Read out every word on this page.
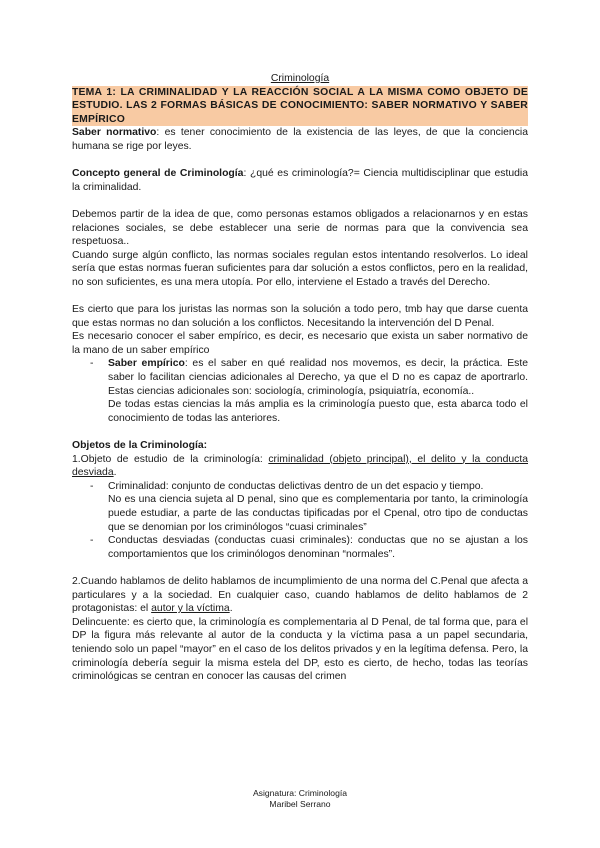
Criminología
TEMA 1: LA CRIMINALIDAD Y LA REACCIÓN SOCIAL A LA MISMA COMO OBJETO DE ESTUDIO. LAS 2 FORMAS BÁSICAS DE CONOCIMIENTO: SABER NORMATIVO Y SABER EMPÍRICO

Saber normativo: es tener conocimiento de la existencia de las leyes, de que la conciencia humana se rige por leyes.

Concepto general de Criminología: ¿qué es criminología?= Ciencia multidisciplinar que estudia la criminalidad.

Debemos partir de la idea de que, como personas estamos obligados a relacionarnos y en estas relaciones sociales, se debe establecer una serie de normas para que la convivencia sea respetuosa..

Cuando surge algún conflicto, las normas sociales regulan estos intentando resolverlos. Lo ideal sería que estas normas fueran suficientes para dar solución a estos conflictos, pero en la realidad, no son suficientes, es una mera utopía. Por ello, interviene el Estado a través del Derecho.

Es cierto que para los juristas las normas son la solución a todo pero, tmb hay que darse cuenta que estas normas no dan solución a los conflictos. Necesitando la intervención del D Penal.

Es necesario conocer el saber empírico, es decir, es necesario que exista un saber normativo de la mano de un saber empírico

- Saber empírico: es el saber en qué realidad nos movemos, es decir, la práctica. Este saber lo facilitan ciencias adicionales al Derecho, ya que el D no es capaz de aportrarlo. Estas ciencias adicionales son: sociología, criminología, psiquiatría, economía..

De todas estas ciencias la más amplia es la criminología puesto que, esta abarca todo el conocimiento de todas las anteriores.

Objetos de la Criminología:

1.Objeto de estudio de la criminología: criminalidad (objeto principal), el delito y la conducta desviada.

- Criminalidad: conjunto de conductas delictivas dentro de un det espacio y tiempo.

No es una ciencia sujeta al D penal, sino que es complementaria por tanto, la criminología puede estudiar, a parte de las conductas tipificadas por el Cpenal, otro tipo de conductas que se denomian por los criminólogos “cuasi criminales”

- Conductas desviadas (conductas cuasi criminales): conductas que no se ajustan a los comportamientos que los criminólogos denominan “normales”.

2.Cuando hablamos de delito hablamos de incumplimiento de una norma del C.Penal que afecta a particulares y a la sociedad. En cualquier caso, cuando hablamos de delito hablamos de 2 protagonistas: el autor y la víctima.

Delincuente: es cierto que, la criminología es complementaria al D Penal, de tal forma que, para el DP la figura más relevante al autor de la conducta y la víctima pasa a un papel secundaria, teniendo solo un papel “mayor” en el caso de los delitos privados y en la legítima defensa. Pero, la criminología debería seguir la misma estela del DP, esto es cierto, de hecho, todas las teorías criminológicas se centran en conocer las causas del crimen

Asignatura: Criminología
Maribel Serrano
